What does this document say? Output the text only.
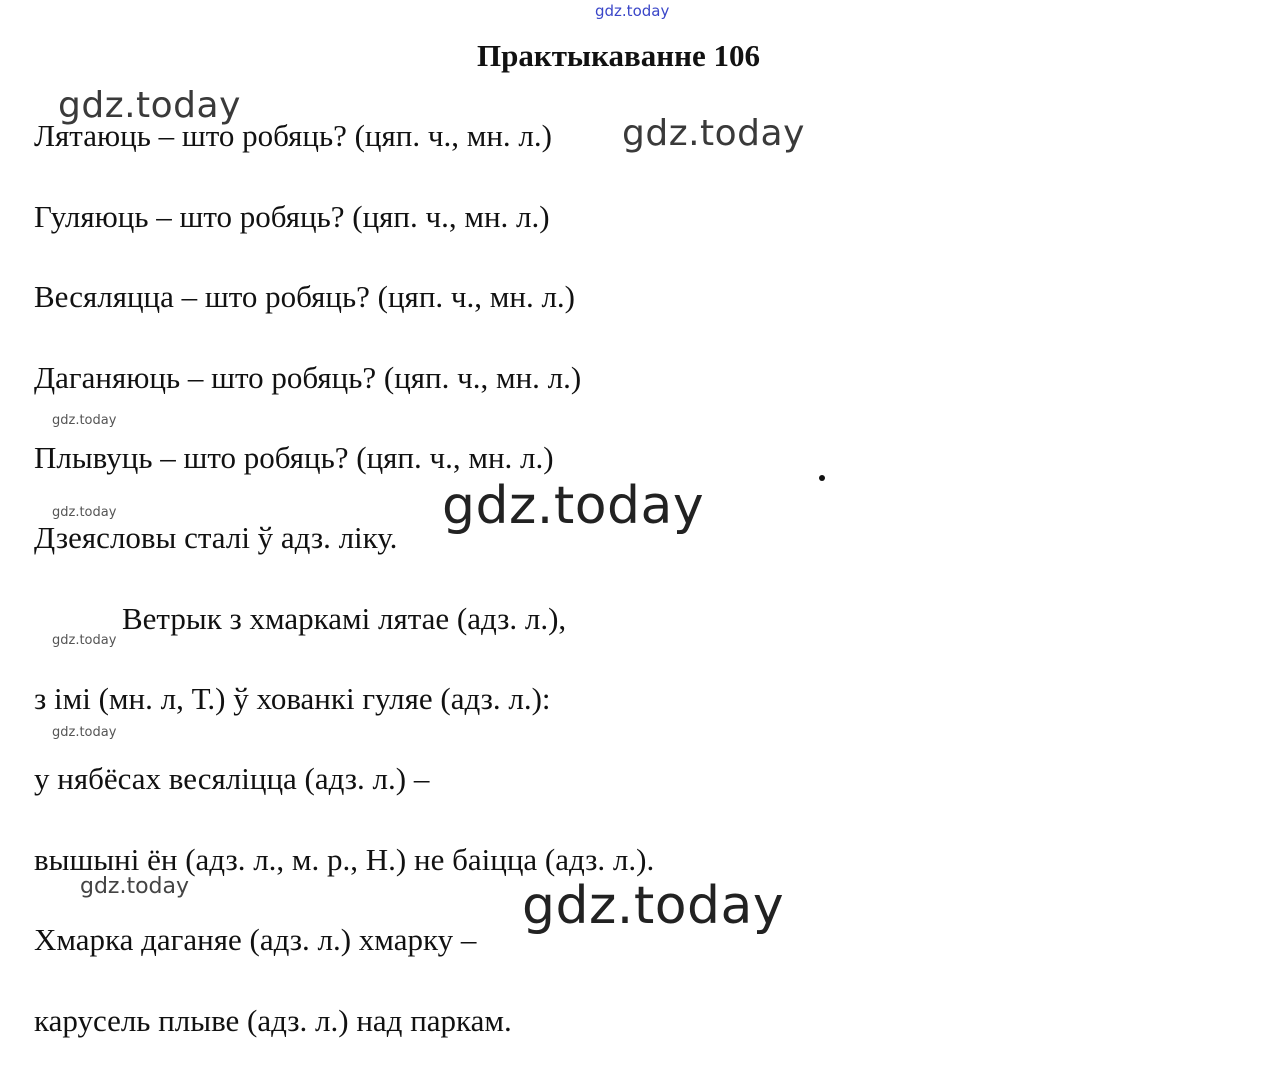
gdz.today
Практыкаванне 106
gdz.today
Лятаюць – што робяць? (цяп. ч., мн. л.) gdz.today
Гуляюць – што робяць? (цяп. ч., мн. л.)
Весяляцца – што робяць? (цяп. ч., мн. л.)
Даганяюць – што робяць? (цяп. ч., мн. л.)
gdz.today
Плывуць – што робяць? (цяп. ч., мн. л.)
gdz.today
gdz.today
Дзеясловы сталі ў адз. ліку.
Ветрык з хмаркамі лятае (адз. л.),
gdz.today
з імі (мн. л, Т.) ў хованкі гуляе (адз. л.):
gdz.today
у нябёсах весяліцца (адз. л.) –
вышыні ён (адз. л., м. р., Н.) не баіцца (адз. л.).
gdz.today	gdz.today
Хмарка даганяе (адз. л.) хмарку –
карусель плыве (адз. л.) над паркам.
